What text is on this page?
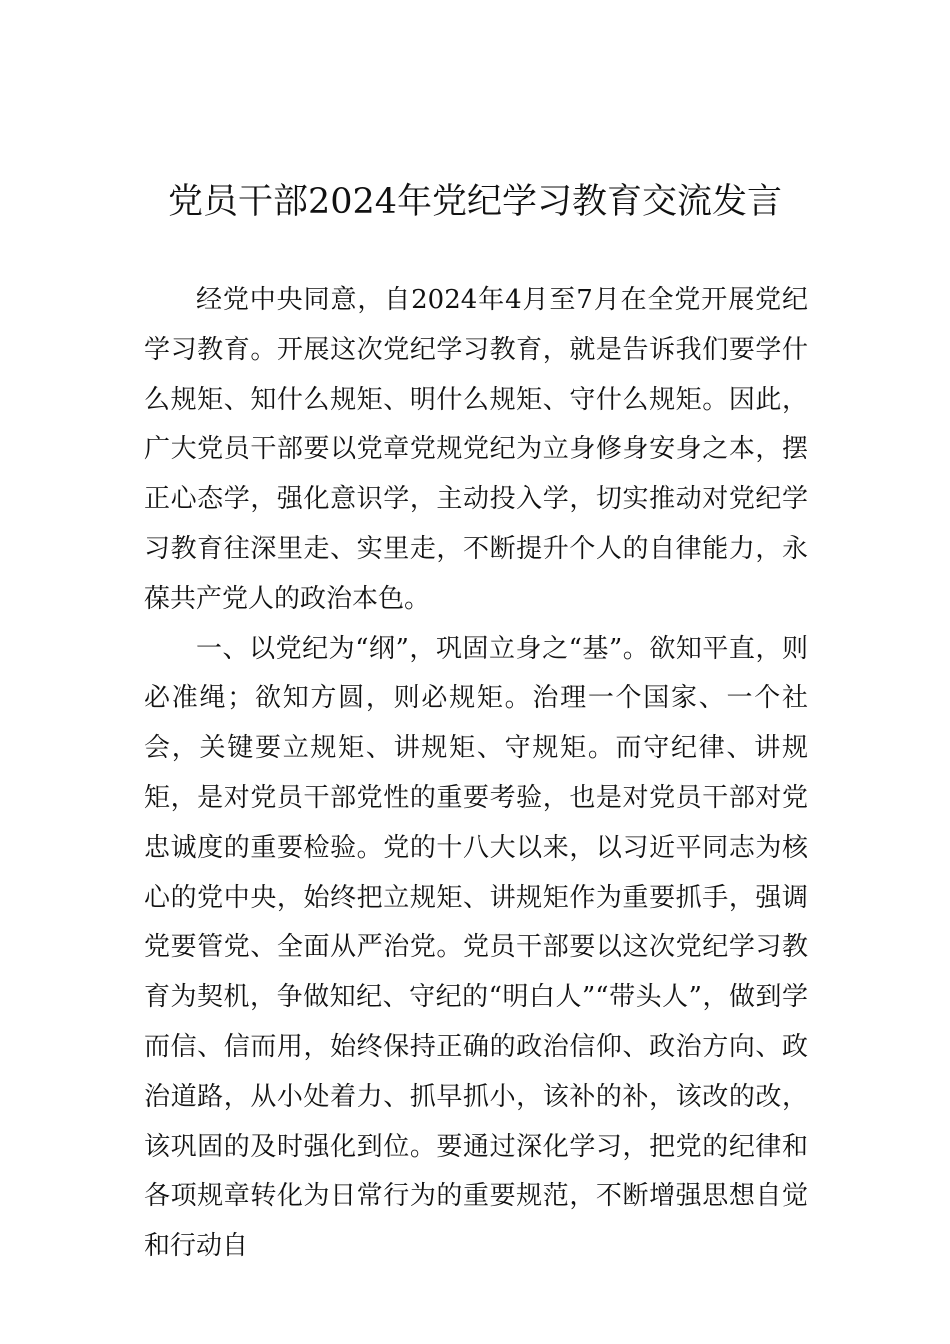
党员干部2024年党纪学习教育交流发言

经党中央同意，自2024年4月至7月在全党开展党纪学习教育。开展这次党纪学习教育，就是告诉我们要学什么规矩、知什么规矩、明什么规矩、守什么规矩。因此，广大党员干部要以党章党规党纪为立身修身安身之本，摆正心态学，强化意识学，主动投入学，切实推动对党纪学习教育往深里走、实里走，不断提升个人的自律能力，永葆共产党人的政治本色。

一、以党纪为“纲”，巩固立身之“基”。欲知平直，则必准绳；欲知方圆，则必规矩。治理一个国家、一个社会，关键要立规矩、讲规矩、守规矩。而守纪律、讲规矩，是对党员干部党性的重要考验，也是对党员干部对党忠诚度的重要检验。党的十八大以来，以习近平同志为核心的党中央，始终把立规矩、讲规矩作为重要抓手，强调党要管党、全面从严治党。党员干部要以这次党纪学习教育为契机，争做知纪、守纪的“明白人”“带头人”，做到学而信、信而用，始终保持正确的政治信仰、政治方向、政治道路，从小处着力、抓早抓小，该补的补，该改的改，该巩固的及时强化到位。要通过深化学习，把党的纪律和各项规章转化为日常行为的重要规范，不断增强思想自觉和行动自
